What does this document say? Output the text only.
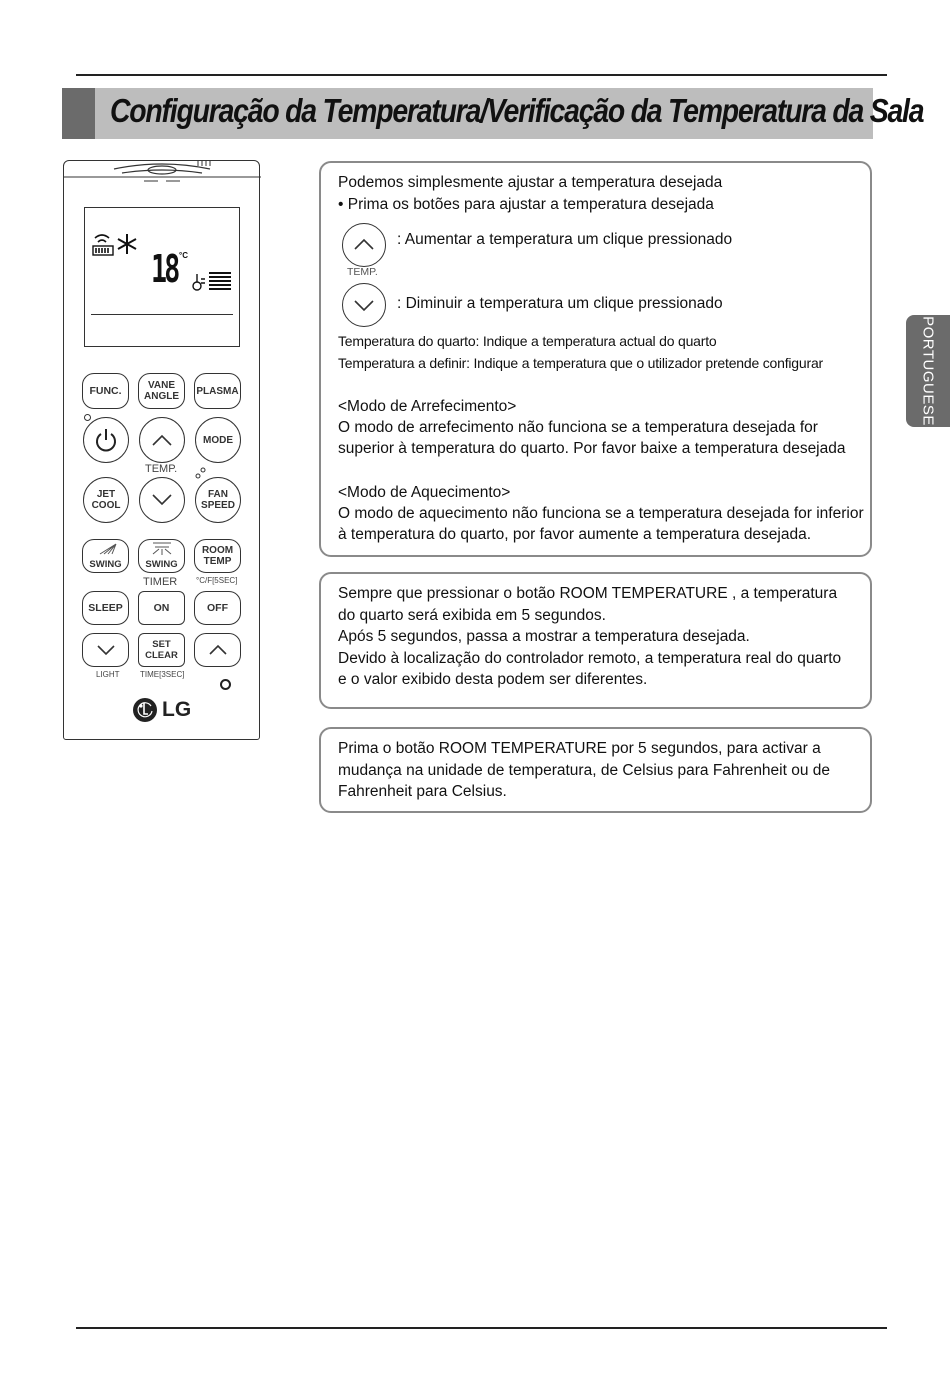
Configuração da Temperatura/Verificação da Temperatura da Sala
PORTUGUESE
18 °C
FUNC.	VANE ANGLE	PLASMA
MODE
TEMP.
JET COOL
FAN SPEED
SWING	SWING
ROOM TEMP
TIMER °C/F[5SEC]
SLEEP	ON	OFF
SET CLEAR
LIGHT	TIME[3SEC]
LG

Podemos simplesmente ajustar a temperatura desejada

• Prima os botões para ajustar a temperatura desejada

: Aumentar a temperatura um clique pressionado

TEMP.

: Diminuir a temperatura um clique pressionado

Temperatura do quarto: Indique a temperatura actual do quarto

Temperatura a definir: Indique a temperatura que o utilizador pretende configurar

<Modo de Arrefecimento>

O modo de arrefecimento não funciona se a temperatura desejada for

superior à temperatura do quarto. Por favor baixe a temperatura desejada

<Modo de Aquecimento>

O modo de aquecimento não funciona se a temperatura desejada for inferior

à temperatura do quarto, por favor aumente a temperatura desejada.

Sempre que pressionar o botão ROOM TEMPERATURE , a temperatura

do quarto será exibida em 5 segundos.

Após 5 segundos, passa a mostrar a temperatura desejada.

Devido à localização do controlador remoto, a temperatura real do quarto

e o valor exibido desta podem ser diferentes.

Prima o botão ROOM TEMPERATURE por 5 segundos, para activar a

mudança na unidade de temperatura, de Celsius para Fahrenheit ou de

Fahrenheit para Celsius.
